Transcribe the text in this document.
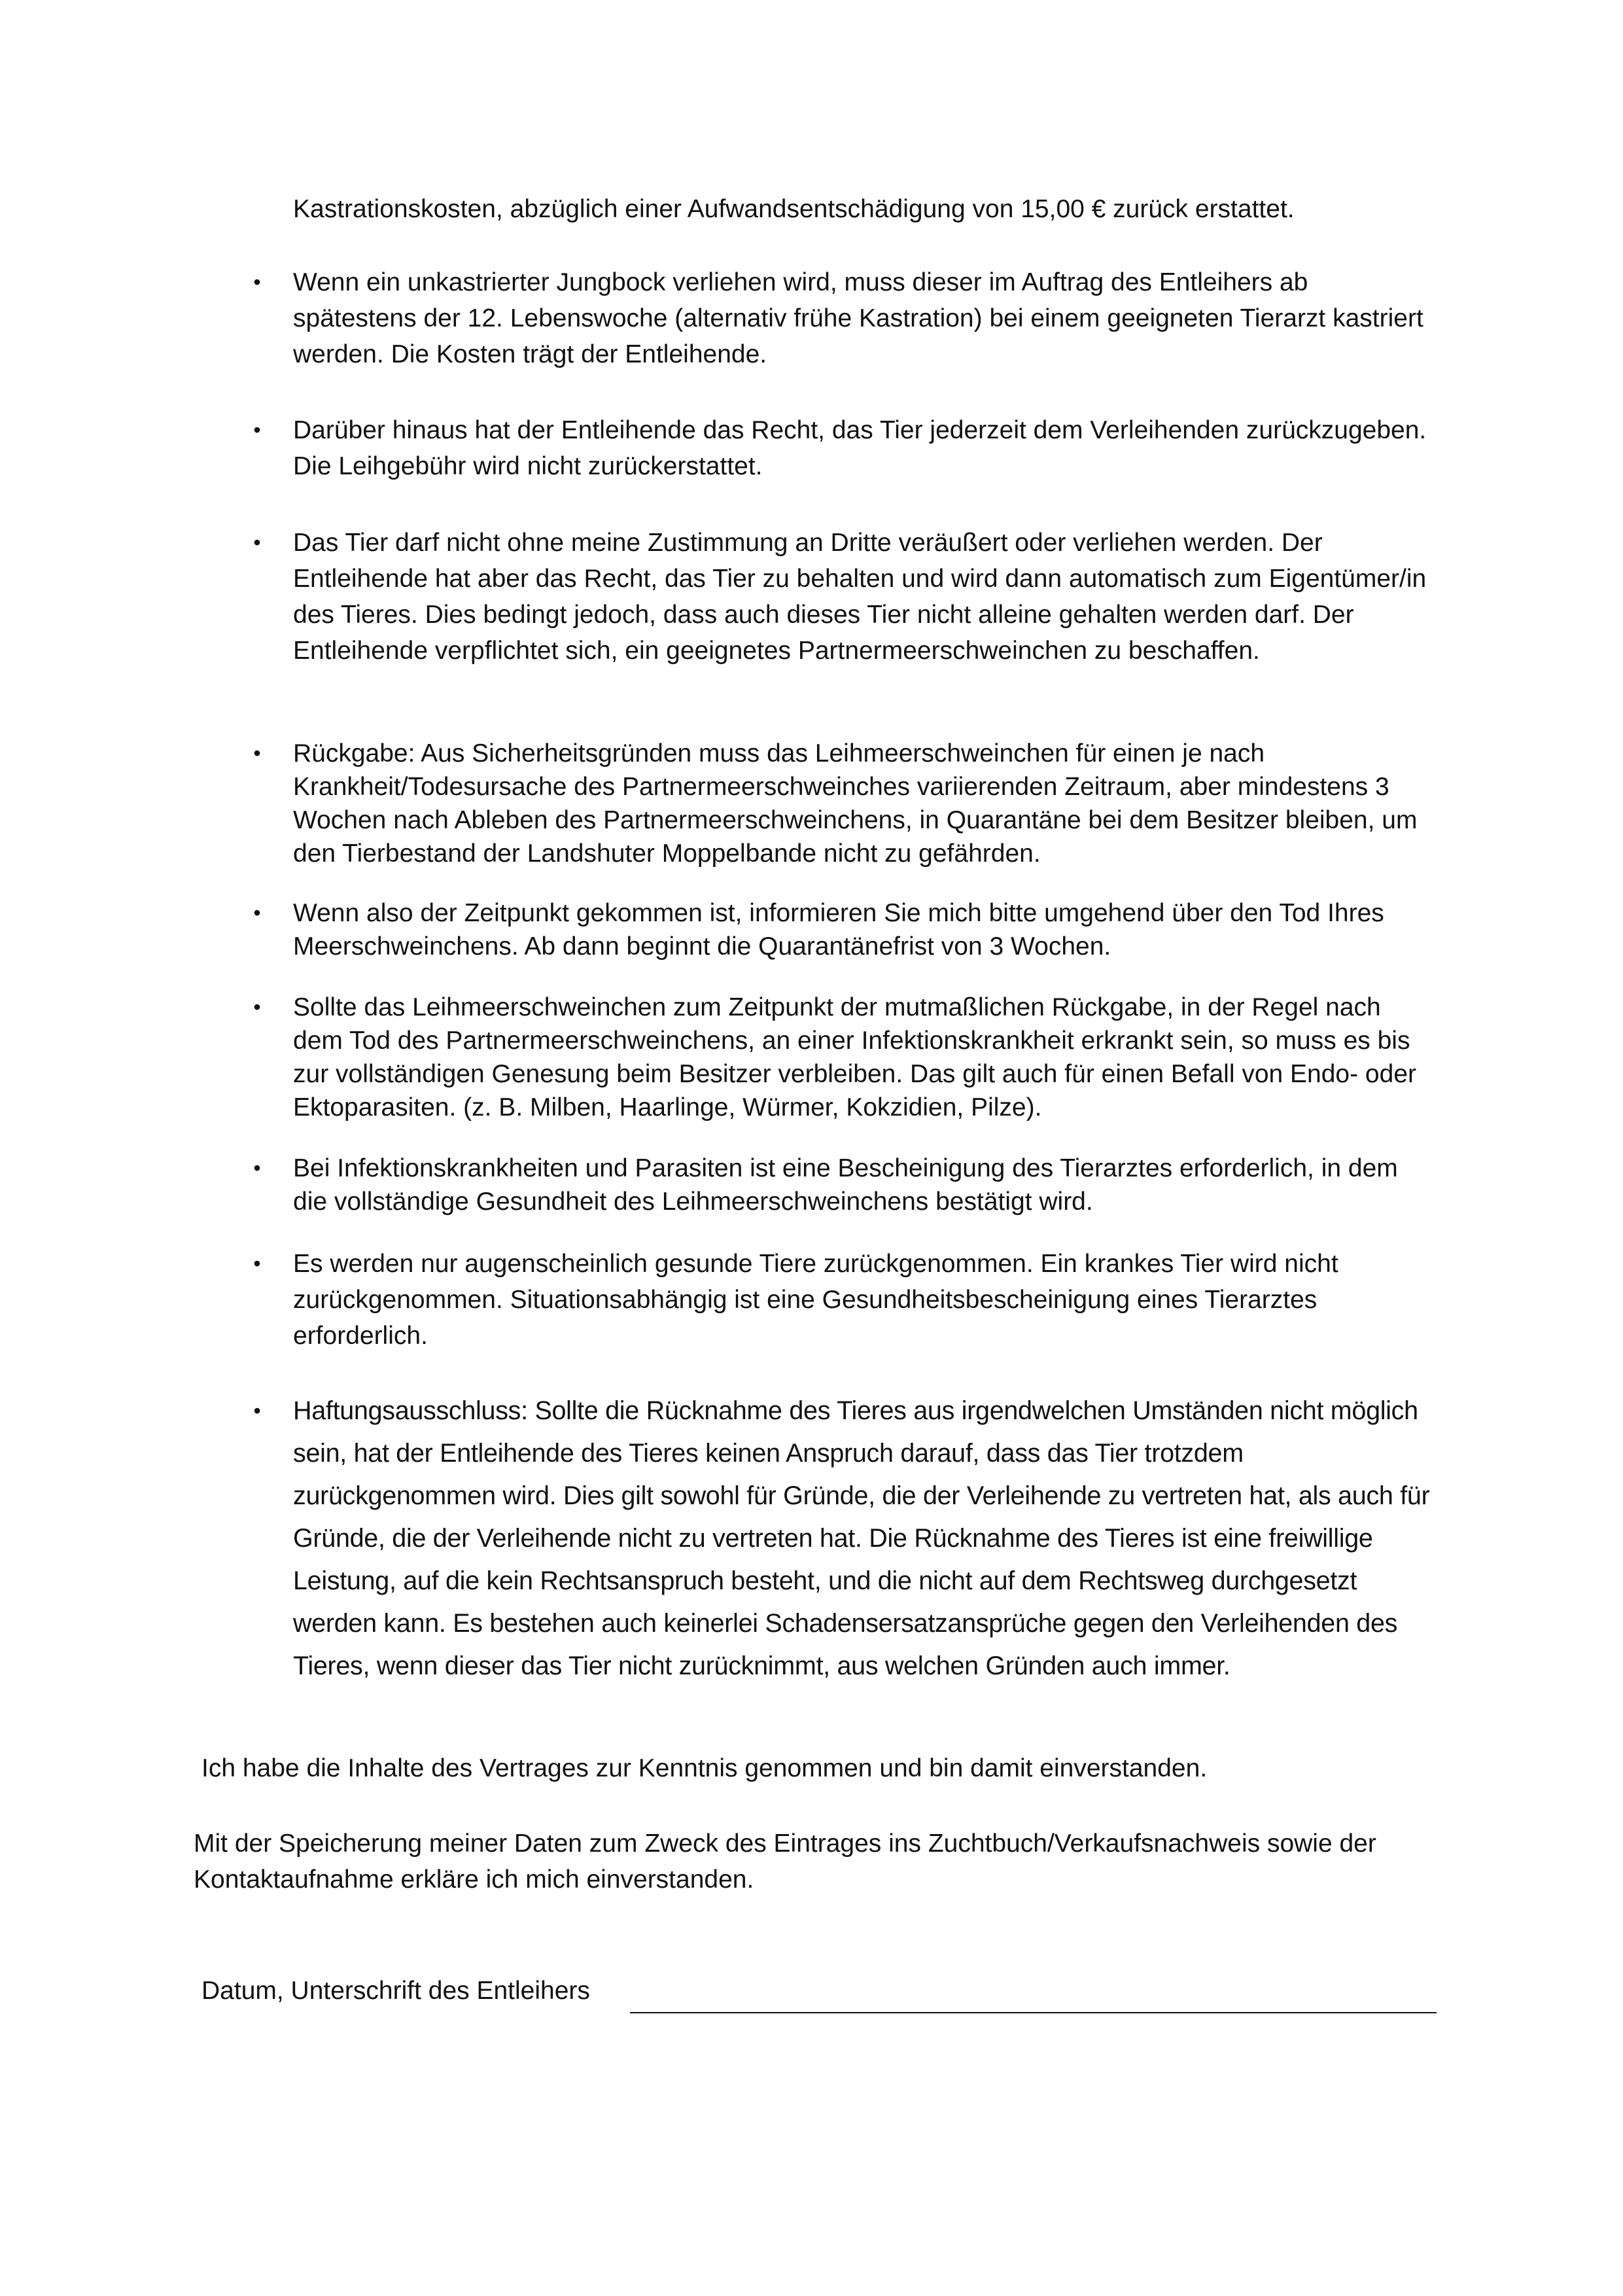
Kastrationskosten, abzüglich einer Aufwandsentschädigung von 15,00 € zurück erstattet.

• Wenn ein unkastrierter Jungbock verliehen wird, muss dieser im Auftrag des Entleihers ab spätestens der 12. Lebenswoche (alternativ frühe Kastration) bei einem geeigneten Tierarzt kastriert werden. Die Kosten trägt der Entleihende.
• Darüber hinaus hat der Entleihende das Recht, das Tier jederzeit dem Verleihenden zurückzugeben. Die Leihgebühr wird nicht zurückerstattet.
• Das Tier darf nicht ohne meine Zustimmung an Dritte veräußert oder verliehen werden. Der Entleihende hat aber das Recht, das Tier zu behalten und wird dann automatisch zum Eigentümer/in des Tieres. Dies bedingt jedoch, dass auch dieses Tier nicht alleine gehalten werden darf. Der Entleihende verpflichtet sich, ein geeignetes Partnermeerschweinchen zu beschaffen.
• Rückgabe: Aus Sicherheitsgründen muss das Leihmeerschweinchen für einen je nach Krankheit/Todesursache des Partnermeerschweinches variierenden Zeitraum, aber mindestens 3 Wochen nach Ableben des Partnermeerschweinchens, in Quarantäne bei dem Besitzer bleiben, um den Tierbestand der Landshuter Moppelbande nicht zu gefährden.
• Wenn also der Zeitpunkt gekommen ist, informieren Sie mich bitte umgehend über den Tod Ihres Meerschweinchens. Ab dann beginnt die Quarantänefrist von 3 Wochen.
• Sollte das Leihmeerschweinchen zum Zeitpunkt der mutmaßlichen Rückgabe, in der Regel nach dem Tod des Partnermeerschweinchens, an einer Infektionskrankheit erkrankt sein, so muss es bis zur vollständigen Genesung beim Besitzer verbleiben. Das gilt auch für einen Befall von Endo- oder Ektoparasiten. (z. B. Milben, Haarlinge, Würmer, Kokzidien, Pilze).
• Bei Infektionskrankheiten und Parasiten ist eine Bescheinigung des Tierarztes erforderlich, in dem die vollständige Gesundheit des Leihmeerschweinchens bestätigt wird.
• Es werden nur augenscheinlich gesunde Tiere zurückgenommen. Ein krankes Tier wird nicht zurückgenommen. Situationsabhängig ist eine Gesundheitsbescheinigung eines Tierarztes erforderlich.
• Haftungsausschluss: Sollte die Rücknahme des Tieres aus irgendwelchen Umständen nicht möglich sein, hat der Entleihende des Tieres keinen Anspruch darauf, dass das Tier trotzdem zurückgenommen wird. Dies gilt sowohl für Gründe, die der Verleihende zu vertreten hat, als auch für Gründe, die der Verleihende nicht zu vertreten hat. Die Rücknahme des Tieres ist eine freiwillige Leistung, auf die kein Rechtsanspruch besteht, und die nicht auf dem Rechtsweg durchgesetzt werden kann. Es bestehen auch keinerlei Schadensersatzansprüche gegen den Verleihenden des Tieres, wenn dieser das Tier nicht zurücknimmt, aus welchen Gründen auch immer.

Ich habe die Inhalte des Vertrages zur Kenntnis genommen und bin damit einverstanden.

Mit der Speicherung meiner Daten zum Zweck des Eintrages ins Zuchtbuch/Verkaufsnachweis sowie der Kontaktaufnahme erkläre ich mich einverstanden.

Datum, Unterschrift des Entleihers
